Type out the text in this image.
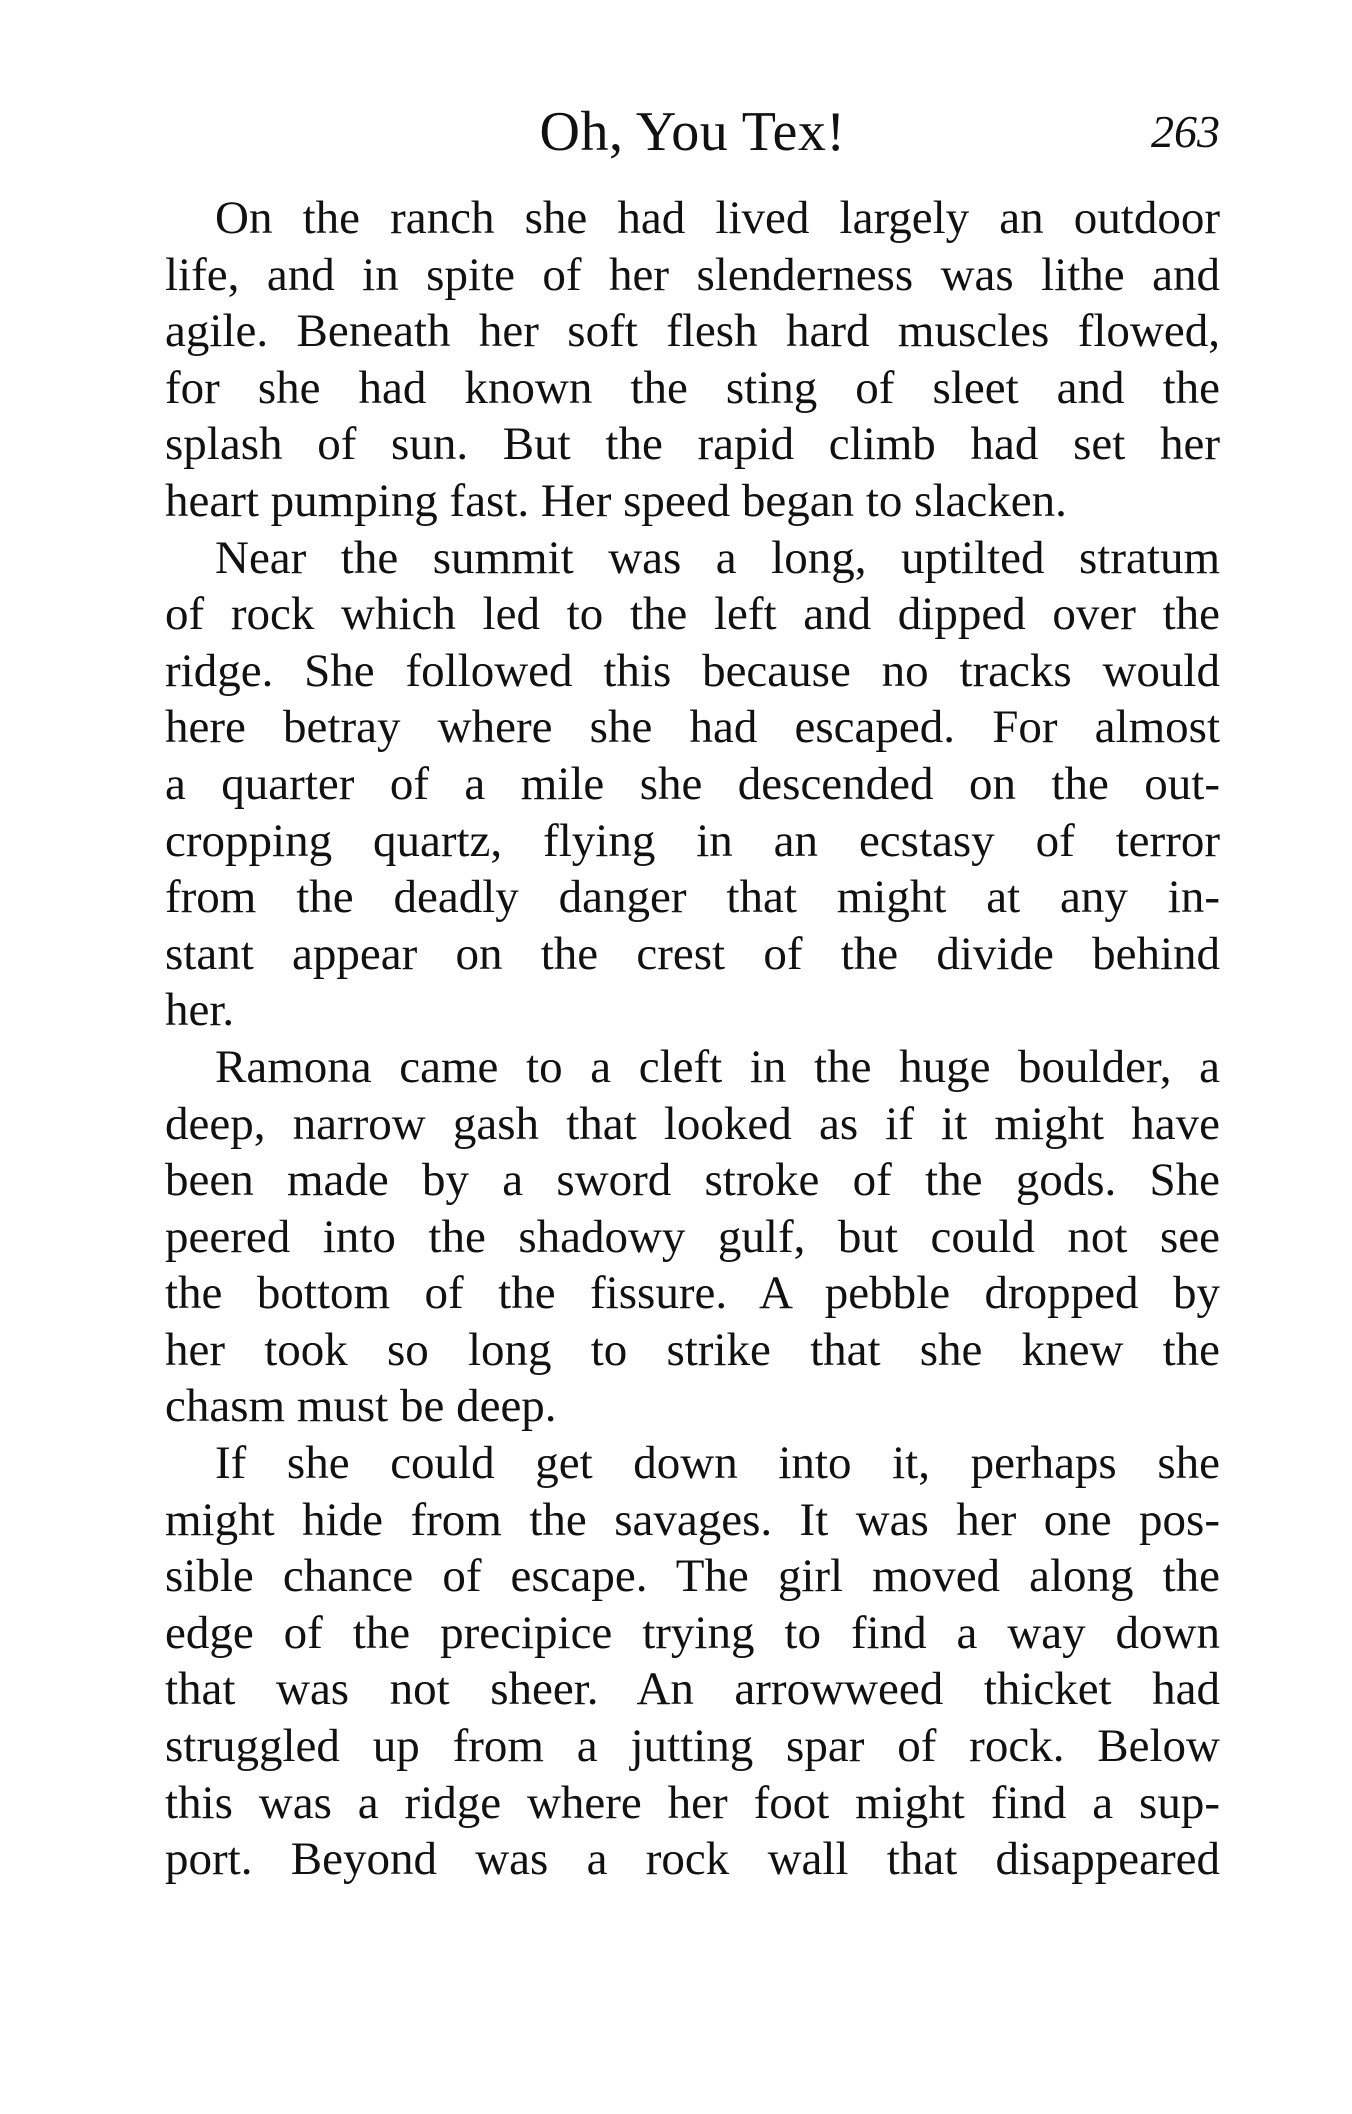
Oh, You Tex!	263
On the ranch she had lived largely an outdoor
life, and in spite of her slenderness was lithe and
agile. Beneath her soft flesh hard muscles flowed,
for she had known the sting of sleet and the
splash of sun. But the rapid climb had set her
heart pumping fast. Her speed began to slacken.
Near the summit was a long, uptilted stratum
of rock which led to the left and dipped over the
ridge. She followed this because no tracks would
here betray where she had escaped. For almost
a quarter of a mile she descended on the out-
cropping quartz, flying in an ecstasy of terror
from the deadly danger that might at any in-
stant appear on the crest of the divide behind
her.
Ramona came to a cleft in the huge boulder, a
deep, narrow gash that looked as if it might have
been made by a sword stroke of the gods. She
peered into the shadowy gulf, but could not see
the bottom of the fissure. A pebble dropped by
her took so long to strike that she knew the
chasm must be deep.
If she could get down into it, perhaps she
might hide from the savages. It was her one pos-
sible chance of escape. The girl moved along the
edge of the precipice trying to find a way down
that was not sheer. An arrowweed thicket had
struggled up from a jutting spar of rock. Below
this was a ridge where her foot might find a sup-
port. Beyond was a rock wall that disappeared
